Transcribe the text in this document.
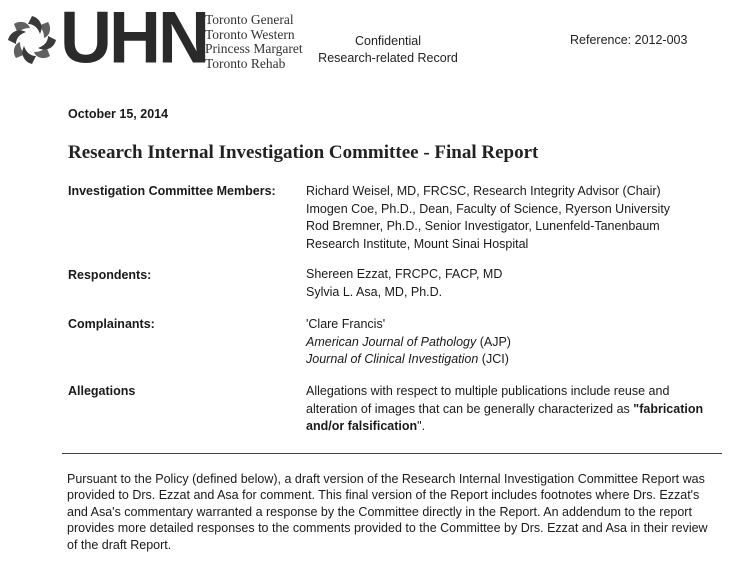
UHN
Toronto General
Toronto Western
Princess Margaret
Toronto Rehab
Confidential
Research-related Record
Reference: 2012-003
October 15, 2014
Research Internal Investigation Committee - Final Report
Investigation Committee Members: Richard Weisel, MD, FRCSC, Research Integrity Advisor (Chair)
Imogen Coe, Ph.D., Dean, Faculty of Science, Ryerson University
Rod Bremner, Ph.D., Senior Investigator, Lunenfeld-Tanenbaum
Research Institute, Mount Sinai Hospital
Respondents:	Shereen Ezzat, FRCPC, FACP, MD
Sylvia L. Asa, MD, Ph.D.
Complainants:	'Clare Francis'
American Journal of Pathology (AJP)
Journal of Clinical Investigation (JCI)
Allegations	Allegations with respect to multiple publications include reuse and
alteration of images that can be generally characterized as "fabrication
and/or falsification".
Pursuant to the Policy (defined below), a draft version of the Research Internal Investigation Committee Report was
provided to Drs. Ezzat and Asa for comment. This final version of the Report includes footnotes where Drs. Ezzat's
and Asa's commentary warranted a response by the Committee directly in the Report. An addendum to the report
provides more detailed responses to the comments provided to the Committee by Drs. Ezzat and Asa in their review
of the draft Report.
